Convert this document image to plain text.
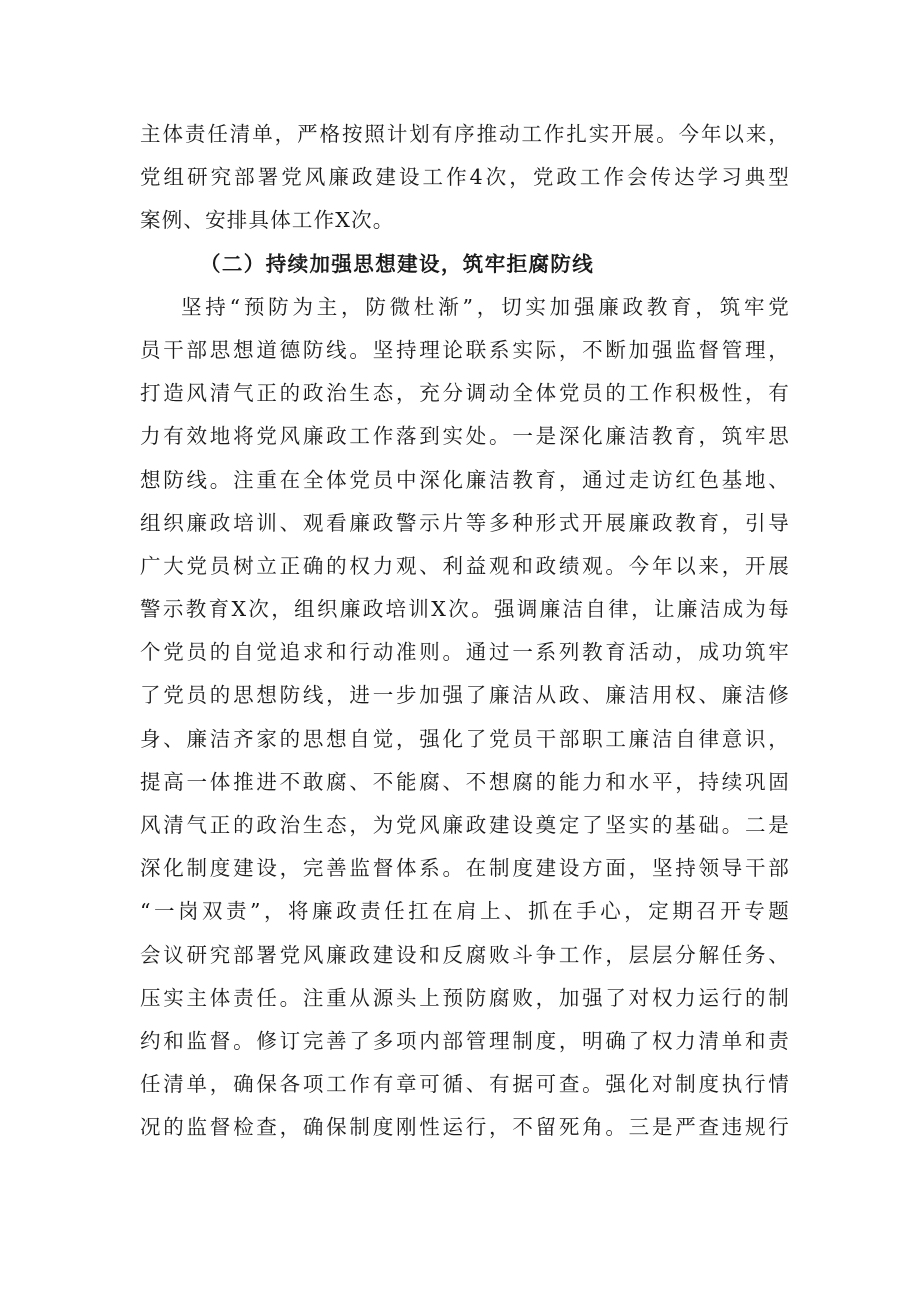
主体责任清单，严格按照计划有序推动工作扎实开展。今年以来，
党组研究部署党风廉政建设工作4次，党政工作会传达学习典型
案例、安排具体工作X次。
（二）持续加强思想建设，筑牢拒腐防线
坚持“预防为主，防微杜渐”，切实加强廉政教育，筑牢党
员干部思想道德防线。坚持理论联系实际，不断加强监督管理，
打造风清气正的政治生态，充分调动全体党员的工作积极性，有
力有效地将党风廉政工作落到实处。一是深化廉洁教育，筑牢思
想防线。注重在全体党员中深化廉洁教育，通过走访红色基地、
组织廉政培训、观看廉政警示片等多种形式开展廉政教育，引导
广大党员树立正确的权力观、利益观和政绩观。今年以来，开展
警示教育X次，组织廉政培训X次。强调廉洁自律，让廉洁成为每
个党员的自觉追求和行动准则。通过一系列教育活动，成功筑牢
了党员的思想防线，进一步加强了廉洁从政、廉洁用权、廉洁修
身、廉洁齐家的思想自觉，强化了党员干部职工廉洁自律意识，
提高一体推进不敢腐、不能腐、不想腐的能力和水平，持续巩固
风清气正的政治生态，为党风廉政建设奠定了坚实的基础。二是
深化制度建设，完善监督体系。在制度建设方面，坚持领导干部
“一岗双责”，将廉政责任扛在肩上、抓在手心，定期召开专题
会议研究部署党风廉政建设和反腐败斗争工作，层层分解任务、
压实主体责任。注重从源头上预防腐败，加强了对权力运行的制
约和监督。修订完善了多项内部管理制度，明确了权力清单和责
任清单，确保各项工作有章可循、有据可查。强化对制度执行情
况的监督检查，确保制度刚性运行，不留死角。三是严查违规行
